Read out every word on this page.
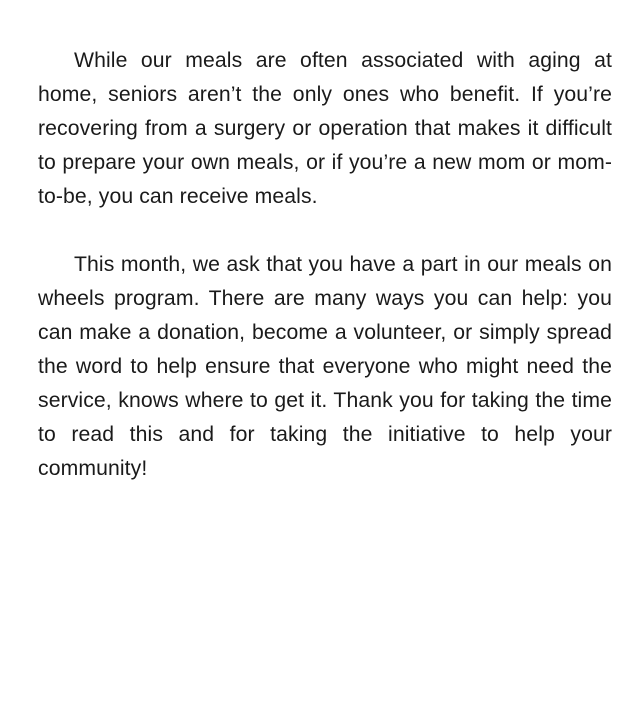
While our meals are often associated with aging at home, seniors aren’t the only ones who benefit. If you’re recovering from a surgery or operation that makes it difficult to prepare your own meals, or if you’re a new mom or mom-to-be, you can receive meals.

This month, we ask that you have a part in our meals on wheels program. There are many ways you can help: you can make a donation, become a volunteer, or simply spread the word to help ensure that everyone who might need the service, knows where to get it. Thank you for taking the time to read this and for taking the initiative to help your community!
